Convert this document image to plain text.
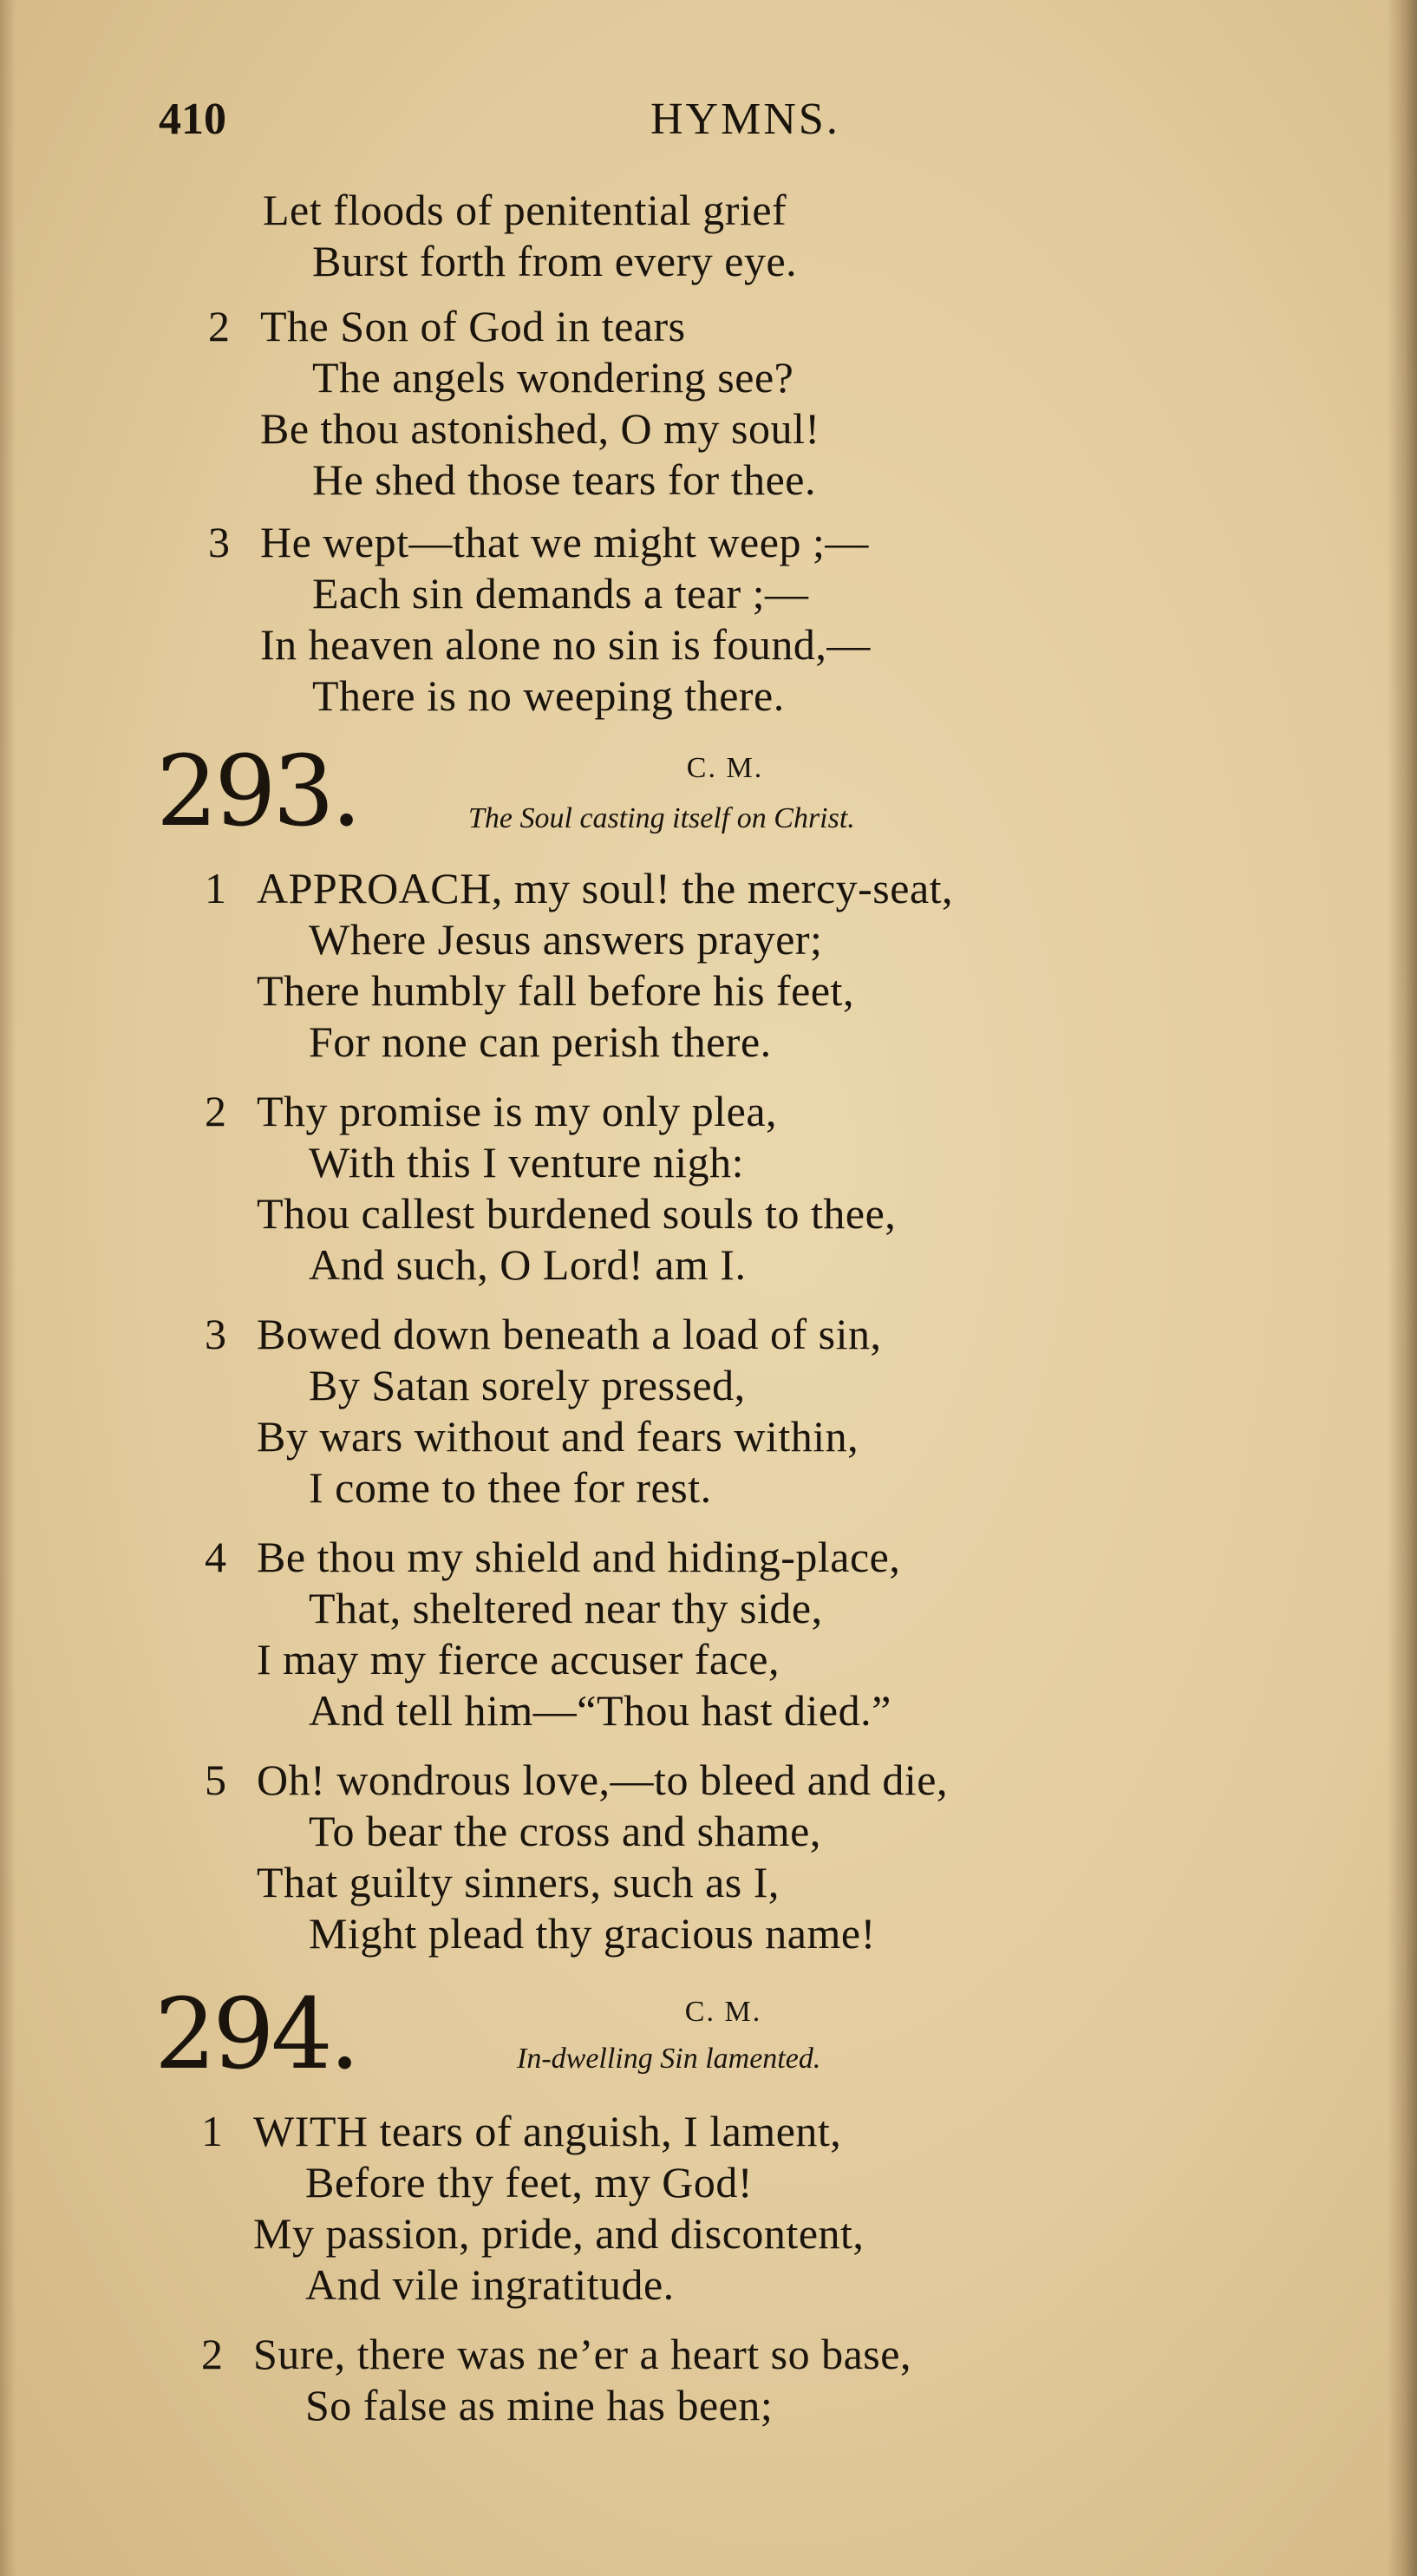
410	HYMNS.
Let floods of penitential grief
Burst forth from every eye.
2 The Son of God in tears
The angels wondering see?
Be thou astonished, O my soul!
He shed those tears for thee.
3 He wept—that we might weep ;—
Each sin demands a tear ;—
In heaven alone no sin is found,—
There is no weeping there.
293.	C. M.
The Soul casting itself on Christ.
1 APPROACH, my soul! the mercy-seat,
Where Jesus answers prayer;
There humbly fall before his feet,
For none can perish there.
2 Thy promise is my only plea,
With this I venture nigh:
Thou callest burdened souls to thee,
And such, O Lord! am I.
3 Bowed down beneath a load of sin,
By Satan sorely pressed,
By wars without and fears within,
I come to thee for rest.
4 Be thou my shield and hiding-place,
That, sheltered near thy side,
I may my fierce accuser face,
And tell him—“Thou hast died.”
5 Oh! wondrous love,—to bleed and die,
To bear the cross and shame,
That guilty sinners, such as I,
Might plead thy gracious name!
294.	C. M.
In-dwelling Sin lamented.
1 WITH tears of anguish, I lament,
Before thy feet, my God!
My passion, pride, and discontent,
And vile ingratitude.
2 Sure, there was ne’er a heart so base,
So false as mine has been;
